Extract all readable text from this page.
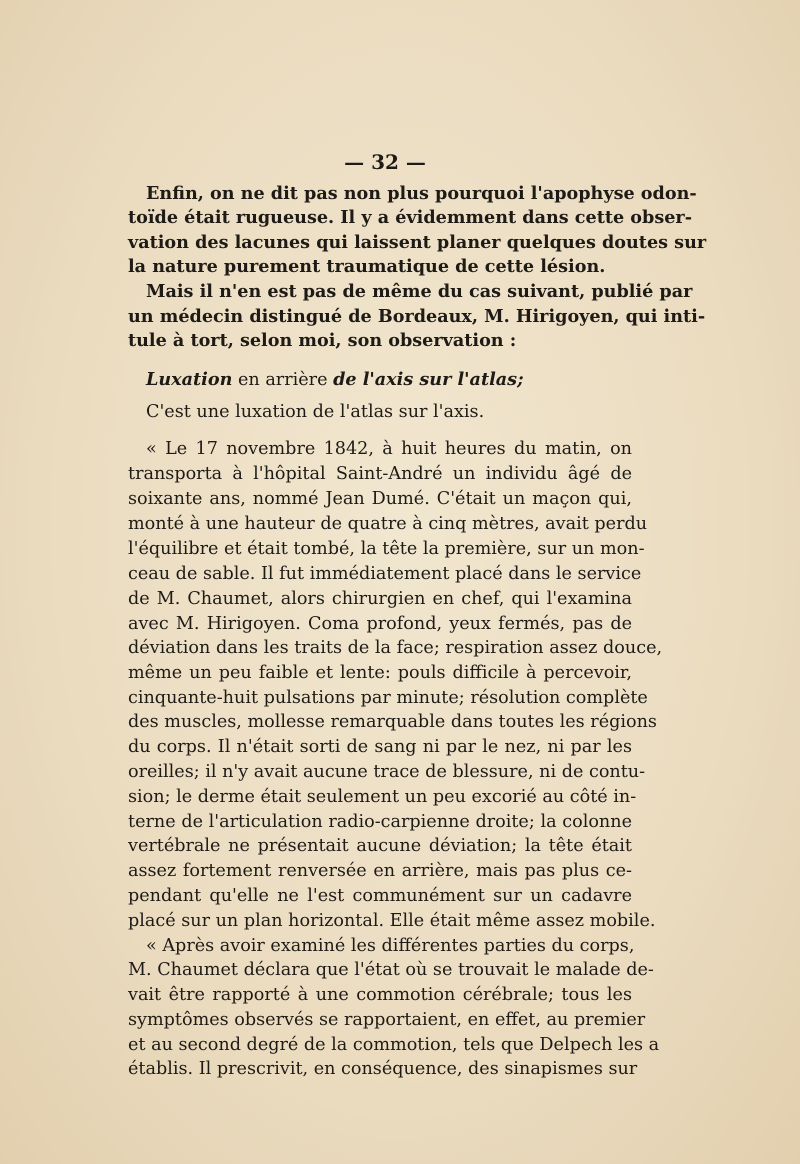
— 32 —
Enfin, on ne dit pas non plus pourquoi l'apophyse odon-
toïde était rugueuse. Il y a évidemment dans cette obser-
vation des lacunes qui laissent planer quelques doutes sur
la nature purement traumatique de cette lésion.
Mais il n'en est pas de même du cas suivant, publié par
un médecin distingué de Bordeaux, M. Hirigoyen, qui inti-
tule à tort, selon moi, son observation :
Luxation en arrière de l'axis sur l'atlas;
C'est une luxation de l'atlas sur l'axis.
« Le 17 novembre 1842, à huit heures du matin, on
transporta à l'hôpital Saint-André un individu âgé de
soixante ans, nommé Jean Dumé. C'était un maçon qui,
monté à une hauteur de quatre à cinq mètres, avait perdu
l'équilibre et était tombé, la tête la première, sur un mon-
ceau de sable. Il fut immédiatement placé dans le service
de M. Chaumet, alors chirurgien en chef, qui l'examina
avec M. Hirigoyen. Coma profond, yeux fermés, pas de
déviation dans les traits de la face; respiration assez douce,
même un peu faible et lente: pouls difficile à percevoir,
cinquante-huit pulsations par minute; résolution complète
des muscles, mollesse remarquable dans toutes les régions
du corps. Il n'était sorti de sang ni par le nez, ni par les
oreilles; il n'y avait aucune trace de blessure, ni de contu-
sion; le derme était seulement un peu excorié au côté in-
terne de l'articulation radio-carpienne droite; la colonne
vertébrale ne présentait aucune déviation; la tête était
assez fortement renversée en arrière, mais pas plus ce-
pendant qu'elle ne l'est communément sur un cadavre
placé sur un plan horizontal. Elle était même assez mobile.
« Après avoir examiné les différentes parties du corps,
M. Chaumet déclara que l'état où se trouvait le malade de-
vait être rapporté à une commotion cérébrale; tous les
symptômes observés se rapportaient, en effet, au premier
et au second degré de la commotion, tels que Delpech les a
établis. Il prescrivit, en conséquence, des sinapismes sur
